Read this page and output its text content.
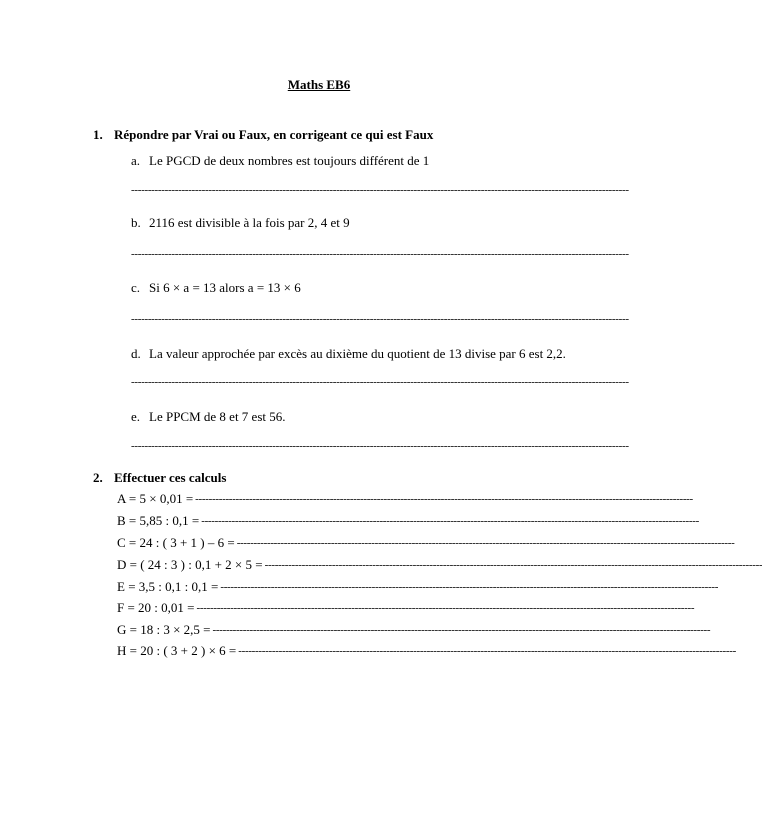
Maths EB6
1. Répondre par Vrai ou Faux, en corrigeant ce qui est Faux
a. Le PGCD de deux nombres est toujours différent de 1
----------------------------------------------------------------------------------------------------------------------------------------------------
b. 2116 est divisible à la fois par 2, 4 et 9
----------------------------------------------------------------------------------------------------------------------------------------------------
c. Si 6 × a = 13 alors a = 13 × 6
----------------------------------------------------------------------------------------------------------------------------------------------------
d. La valeur approchée par excès au dixième du quotient de 13 divise par 6 est 2,2.
----------------------------------------------------------------------------------------------------------------------------------------------------
e. Le PPCM de 8 et 7 est 56.
----------------------------------------------------------------------------------------------------------------------------------------------------
2. Effectuer ces calculs
A = 5 × 0,01 = ----------------------------------------------------------------------------------------------------------------------------------------------------
B = 5,85 : 0,1 = ----------------------------------------------------------------------------------------------------------------------------------------------------
C = 24 : ( 3 + 1 ) – 6 = ----------------------------------------------------------------------------------------------------------------------------------------------------
D = ( 24 : 3 ) : 0,1 + 2 × 5 = ----------------------------------------------------------------------------------------------------------------------------------------------------
E = 3,5 : 0,1 : 0,1 = ----------------------------------------------------------------------------------------------------------------------------------------------------
F = 20 : 0,01 = ----------------------------------------------------------------------------------------------------------------------------------------------------
G = 18 : 3 × 2,5 = ----------------------------------------------------------------------------------------------------------------------------------------------------
H = 20 : ( 3 + 2 ) × 6 = ----------------------------------------------------------------------------------------------------------------------------------------------------
